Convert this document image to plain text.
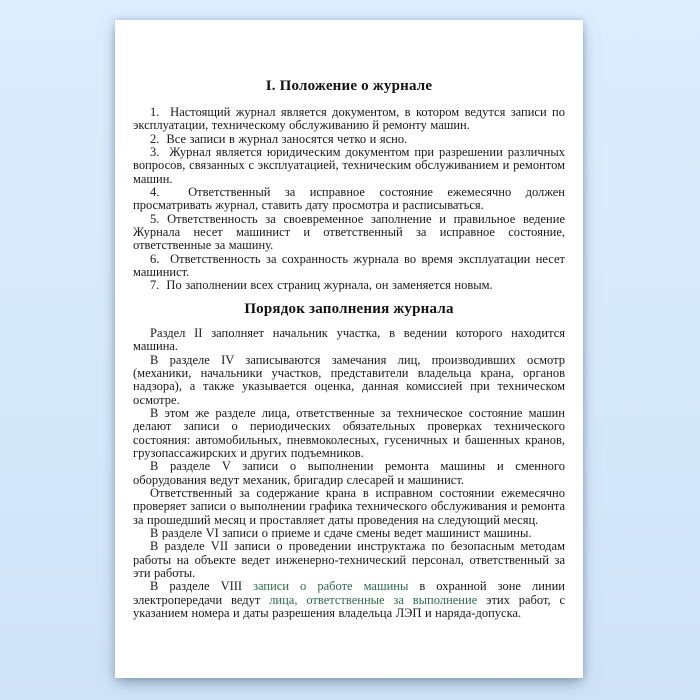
I. Положение о журнале

1.  Настоящий журнал является документом, в котором ведутся записи по эксплуатации, техническому обслуживанию й ремонту машин.

2.  Все записи в журнал заносятся четко и ясно.

3.  Журнал является юридическим документом при разрешении различных вопросов, связанных с эксплуатацией, техническим обслуживанием и ремонтом машин.

4.  Ответственный за исправное состояние ежемесячно должен просматривать журнал, ставить дату просмотра и расписываться.

5. Ответственность за своевременное заполнение и правильное ведение Журнала несет машинист и ответственный за исправное состояние, ответственные за машину.

6.  Ответственность за сохранность журнала во время эксплуатации несет машинист.

7.  По заполнении всех страниц журнала, он заменяется новым.

Порядок заполнения журнала

Раздел II заполняет начальник участка, в ведении которого находится машина.

В разделе IV записываются замечания лиц, производивших осмотр (механики, начальники участков, представители владельца крана, органов надзора), а также указывается оценка, данная комиссией при техническом осмотре.

В этом же разделе лица, ответственные за техническое состояние машин делают записи о периодических обязательных проверках технического состояния: автомобильных, пневмоколесных, гусеничных и башенных кранов, грузопассажирских и других подъемников.

В разделе V записи о выполнении ремонта машины и сменного оборудования ведут механик, бригадир слесарей и машинист.

Ответственный за содержание крана в исправном состоянии ежемесячно проверяет записи о выполнении графика технического обслуживания и ремонта за прошедший месяц и проставляет даты проведения на следующий месяц.

В разделе VI записи о приеме и сдаче смены ведет машинист машины.

В разделе VII записи о проведении инструктажа по безопасным методам работы на объекте ведет инженерно-технический персонал, ответственный за эти работы.

В разделе VIII записи о работе машины в охранной зоне линии электропередачи ведут лица, ответственные за выполнение этих работ, с указанием номера и даты разрешения владельца ЛЭП и наряда-допуска.
